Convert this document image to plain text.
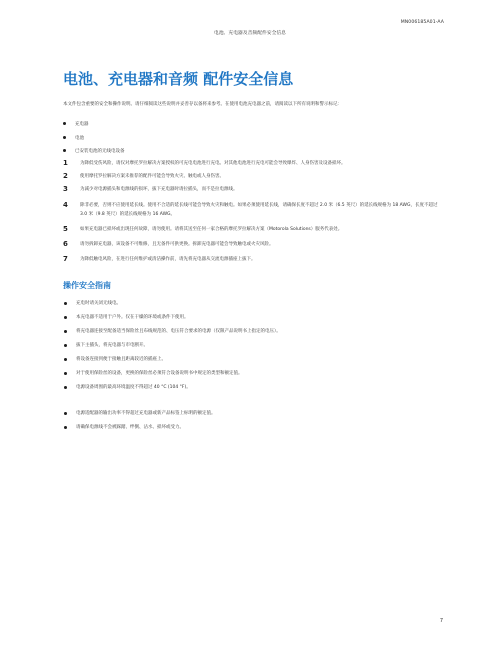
MN006185A01-AA
电池、充电器及音频配件安全信息
电池、充电器和音频 配件安全信息
本文件包含重要的安全和操作说明。请仔细阅读这些说明并妥善存以备将来参考。在使用电池充电器之前，请阅读以下所有说明和警示标记：
充电器
电池
已安装电池的无线电设备
1	为降低受伤风险，请仅对摩托罗拉解决方案授权的可充电电池进行充电。对其他电池进行充电可能会导致爆炸、人身伤害及设备损坏。
2	使用摩托罗拉解决方案未推荐的配件可能会导致火灾、触电或人身伤害。
3	为减少对电源插头和电源线的损坏，拔下充电器时请拉插头，而不是拉电源线。
4	除非必要，否则不应使用延长线。使用不合适的延长线可能会导致火灾和触电。如果必须使用延长线，请确保长度不超过 2.0 米（6.5 英尺）的延长线规格为 18 AWG，长度不超过 3.0 米（9.8 英尺）的延长线规格为 16 AWG。
5	如果充电器已损坏或出现任何故障，请勿使用。请将其送至任何一家合格的摩托罗拉解决方案（Motorola Solutions）服务代表处。
6	请勿拆卸充电器，该设备不可维修，且无备件可供更换。拆卸充电器可能会导致触电或火灾风险。
7	为降低触电风险，在进行任何维护或清洁操作前，请先将充电器从交流电源插座上拔下。
操作安全指南
充电时请关闭无线电。
本充电器不适用于户外。仅在干燥的环境或条件下使用。
将充电器连接至配备适当保险丝且布线规范的、电压符合要求的电源（仅限产品说明书上指定的电压）。
拔下主插头，将充电器与市电断开。
将设备连接到便于接触且距离较近的插座上。
对于使用保险丝的设备，更换的保险丝必须符合设备说明书中规定的类型和额定值。
电源设备周围的最高环境温度不得超过 40 °C (104 °F)。
电源适配器的输出功率不得超过充电器或新产品标签上标明的额定值。
请确保电源线不会被踩踏、绊倒、沾水、损坏或受力。
7
